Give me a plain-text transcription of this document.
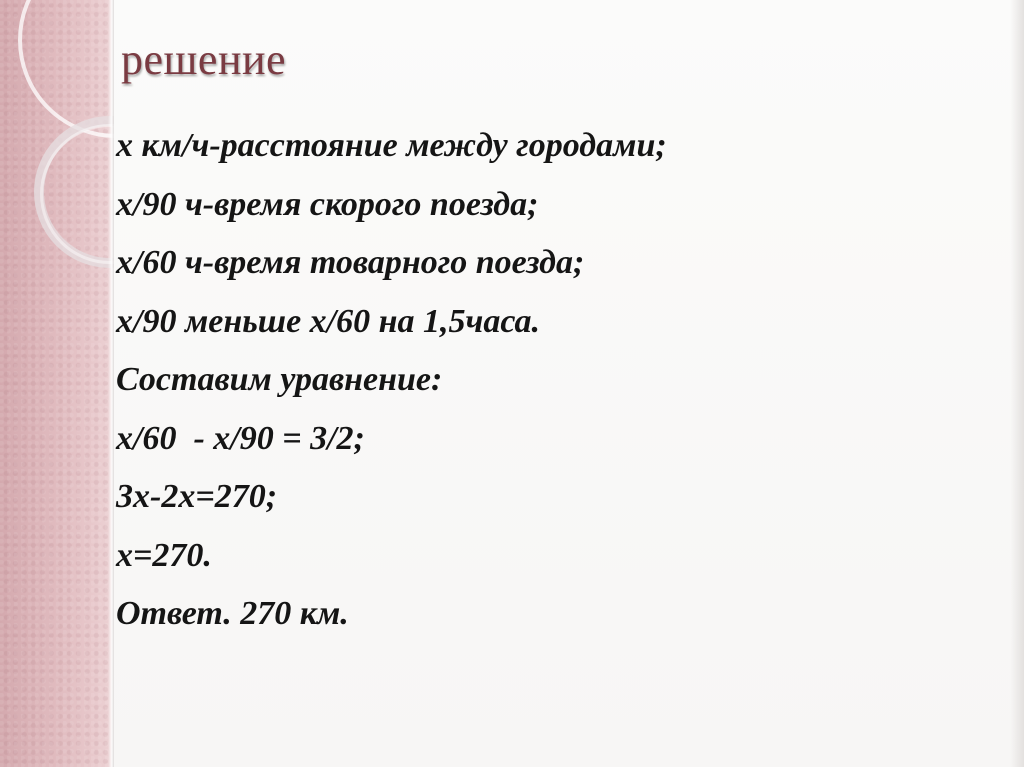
решение
x км/ч-расстояние между городами;
x/90 ч-время скорого поезда;
x/60 ч-время товарного поезда;
x/90 меньше x/60 на 1,5часа.
Составим уравнение:
x/60  - x/90 = 3/2;
3x-2x=270;
x=270.
Ответ. 270 км.
